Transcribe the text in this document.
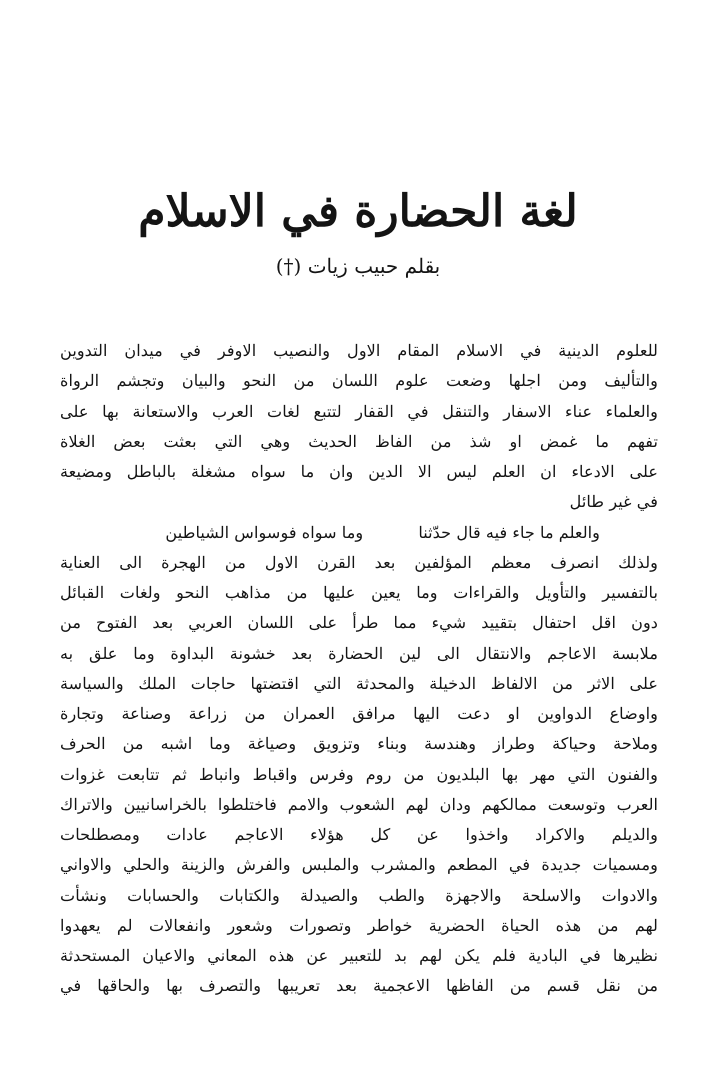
لغة الحضارة في الاسلام
بقلم حبيب زيات (†)
للعلوم الدينية في الاسلام المقام الاول والنصيب الاوفر في ميدان التدوين
والتأليف ومن اجلها وضعت علوم اللسان من النحو والبيان وتجشم الرواة
والعلماء عناء الاسفار والتنقل في القفار لتتبع لغات العرب والاستعانة بها على
تفهم ما غمض او شذ من الفاظ الحديث وهي التي بعثت بعض الغلاة
على الادعاء ان العلم ليس الا الدين وان ما سواه مشغلة بالباطل ومضيعة
في غير طائل
والعلم ما جاء فيه قال حدّثنا وما سواه فوسواس الشياطين
ولذلك انصرف معظم المؤلفين بعد القرن الاول من الهجرة الى العناية
بالتفسير والتأويل والقراءات وما يعين عليها من مذاهب النحو ولغات القبائل
دون اقل احتفال بتقييد شيء مما طرأ على اللسان العربي بعد الفتوح من
ملابسة الاعاجم والانتقال الى لين الحضارة بعد خشونة البداوة وما علق به
على الاثر من الالفاظ الدخيلة والمحدثة التي اقتضتها حاجات الملك والسياسة
واوضاع الدواوين او دعت اليها مرافق العمران من زراعة وصناعة وتجارة
وملاحة وحياكة وطراز وهندسة وبناء وتزويق وصياغة وما اشبه من الحرف
والفنون التي مهر بها البلديون من روم وفرس واقباط وانباط ثم تتابعت غزوات
العرب وتوسعت ممالكهم ودان لهم الشعوب والامم فاختلطوا بالخراسانيين والاتراك
والديلم والاكراد واخذوا عن كل هؤلاء الاعاجم عادات ومصطلحات
ومسميات جديدة في المطعم والمشرب والملبس والفرش والزينة والحلي والاواني
والادوات والاسلحة والاجهزة والطب والصيدلة والكتابات والحسابات ونشأت
لهم من هذه الحياة الحضرية خواطر وتصورات وشعور وانفعالات لم يعهدوا
نظيرها في البادية فلم يكن لهم بد للتعبير عن هذه المعاني والاعيان المستحدثة
من نقل قسم من الفاظها الاعجمية بعد تعريبها والتصرف بها والحاقها في
